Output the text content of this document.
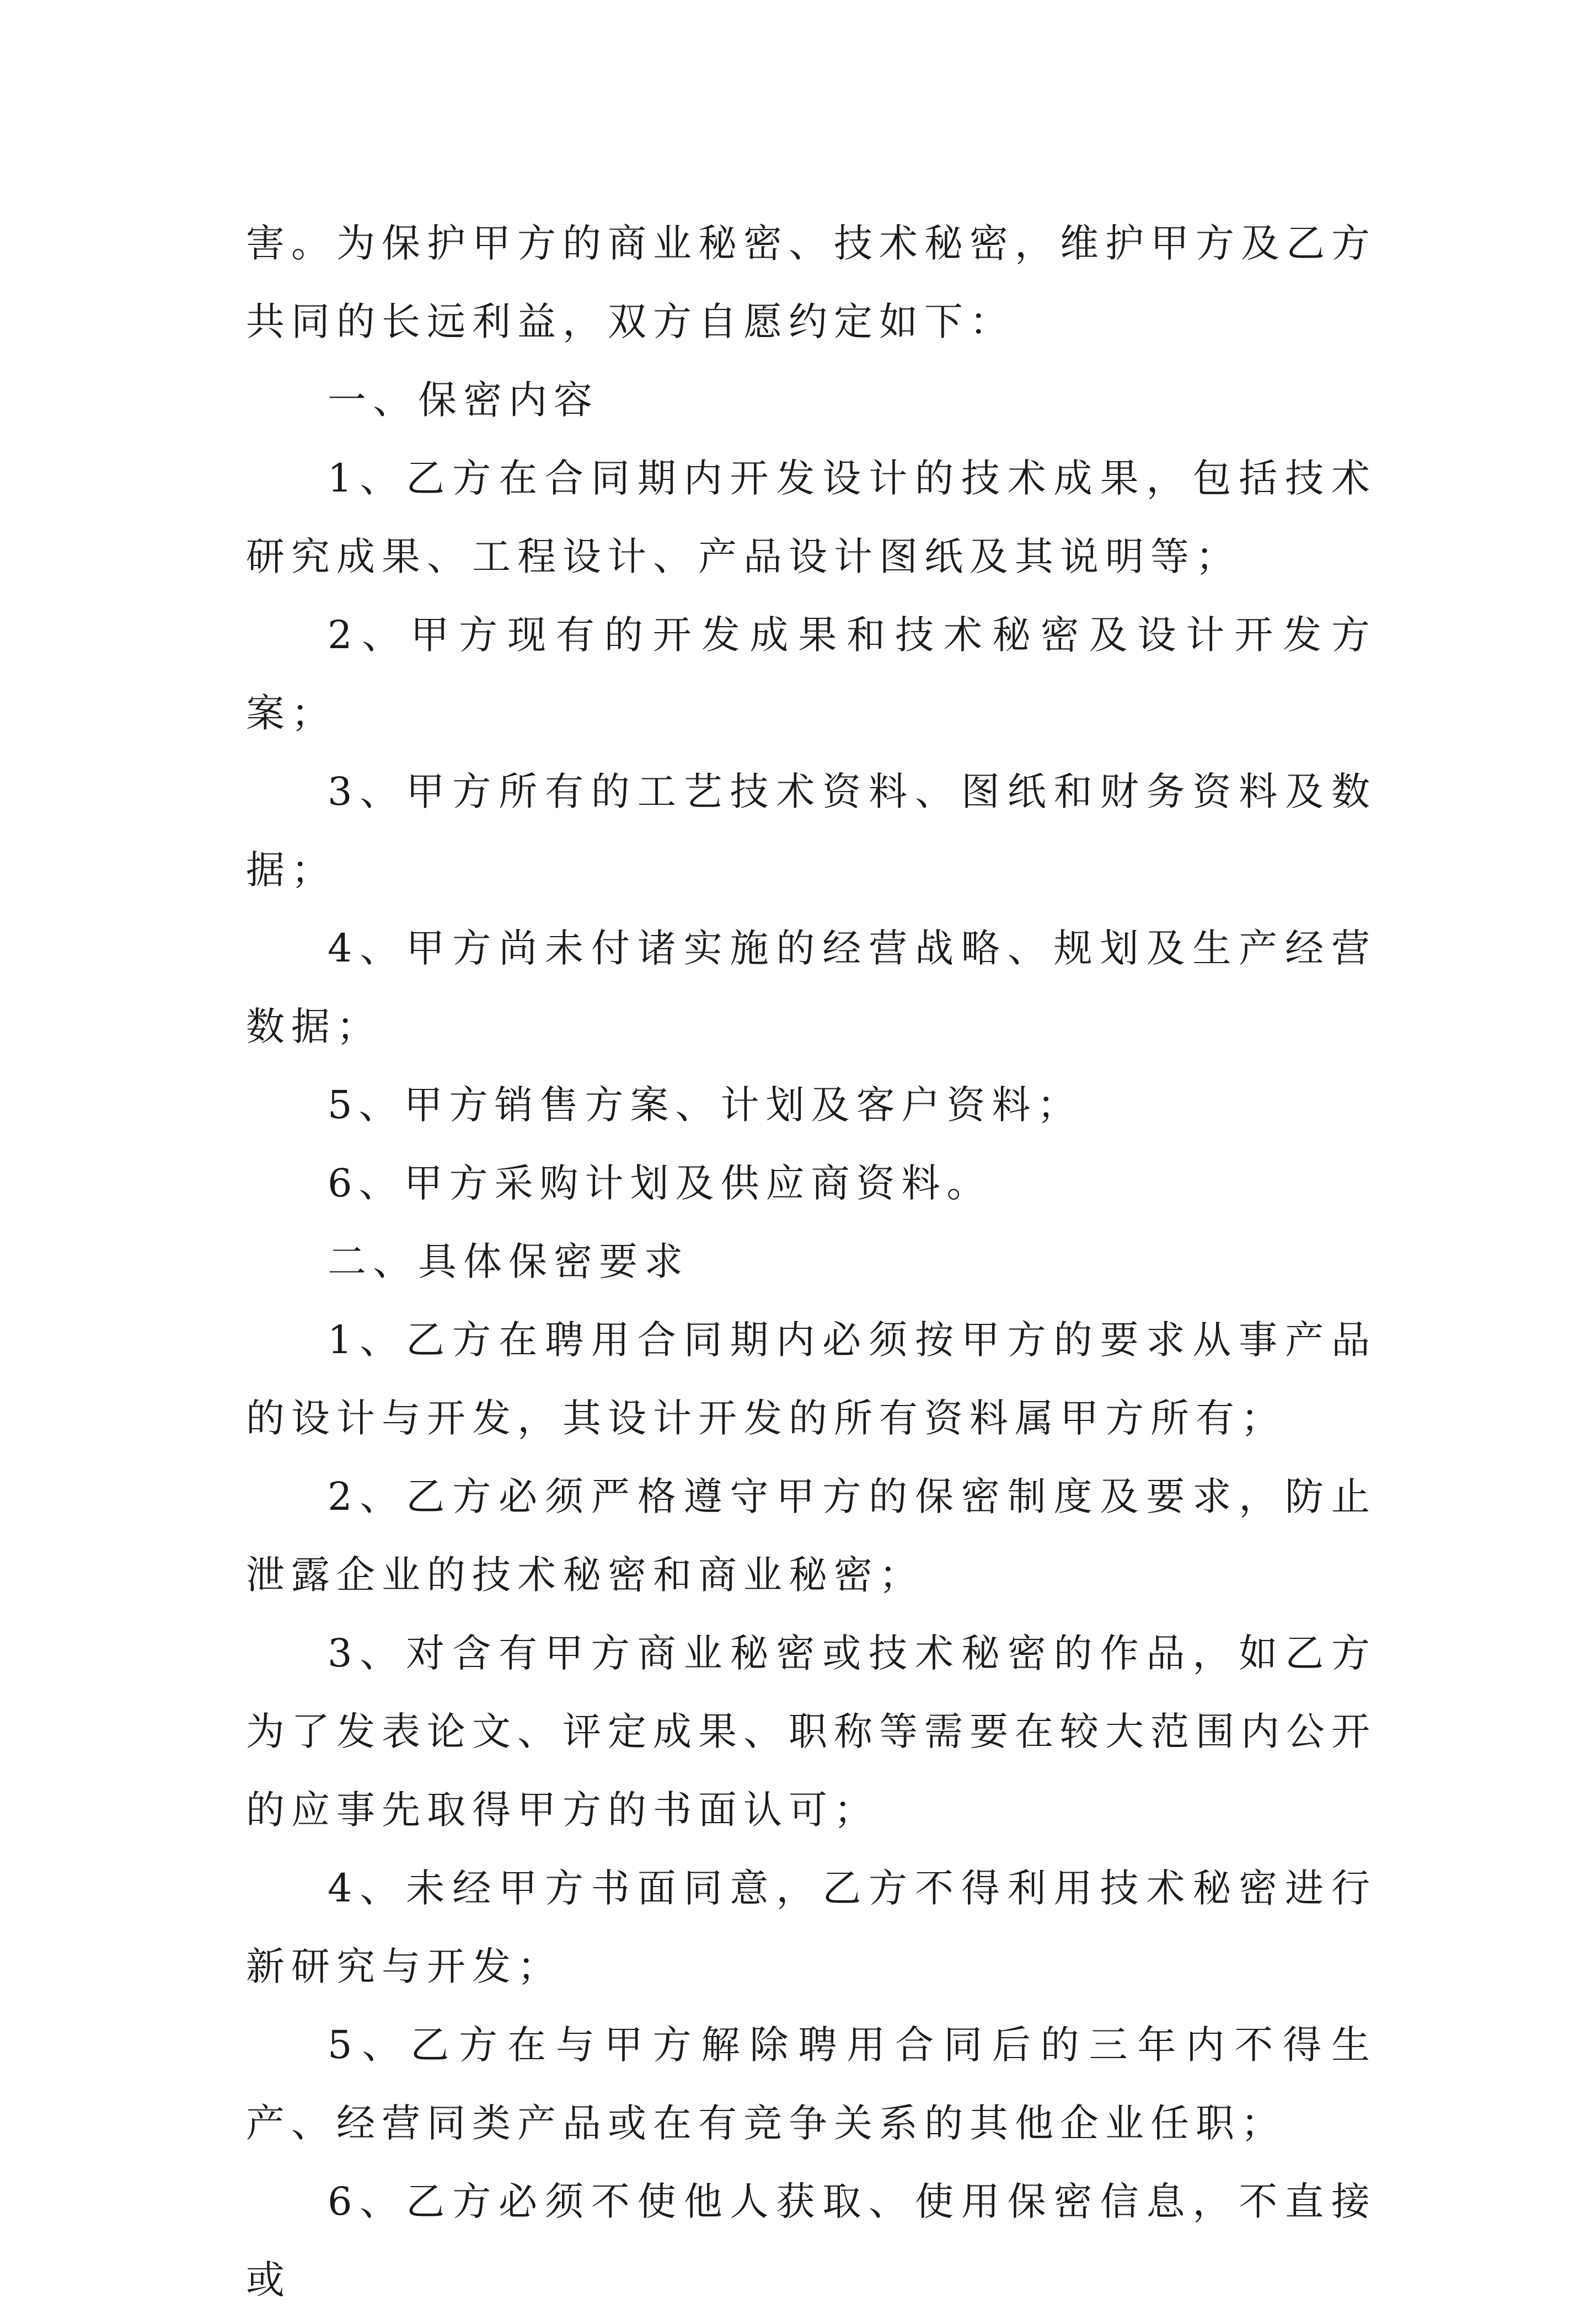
害。为保护甲方的商业秘密、技术秘密，维护甲方及乙方共同的长远利益，双方自愿约定如下：

一、保密内容

1、乙方在合同期内开发设计的技术成果，包括技术研究成果、工程设计、产品设计图纸及其说明等；

2、甲方现有的开发成果和技术秘密及设计开发方案；

3、甲方所有的工艺技术资料、图纸和财务资料及数据；

4、甲方尚未付诸实施的经营战略、规划及生产经营数据；

5、甲方销售方案、计划及客户资料；

6、甲方采购计划及供应商资料。

二、具体保密要求

1、乙方在聘用合同期内必须按甲方的要求从事产品的设计与开发，其设计开发的所有资料属甲方所有；

2、乙方必须严格遵守甲方的保密制度及要求，防止泄露企业的技术秘密和商业秘密；

3、对含有甲方商业秘密或技术秘密的作品，如乙方为了发表论文、评定成果、职称等需要在较大范围内公开的应事先取得甲方的书面认可；

4、未经甲方书面同意，乙方不得利用技术秘密进行新研究与开发；

5、乙方在与甲方解除聘用合同后的三年内不得生产、经营同类产品或在有竞争关系的其他企业任职；

6、乙方必须不使他人获取、使用保密信息，不直接或
